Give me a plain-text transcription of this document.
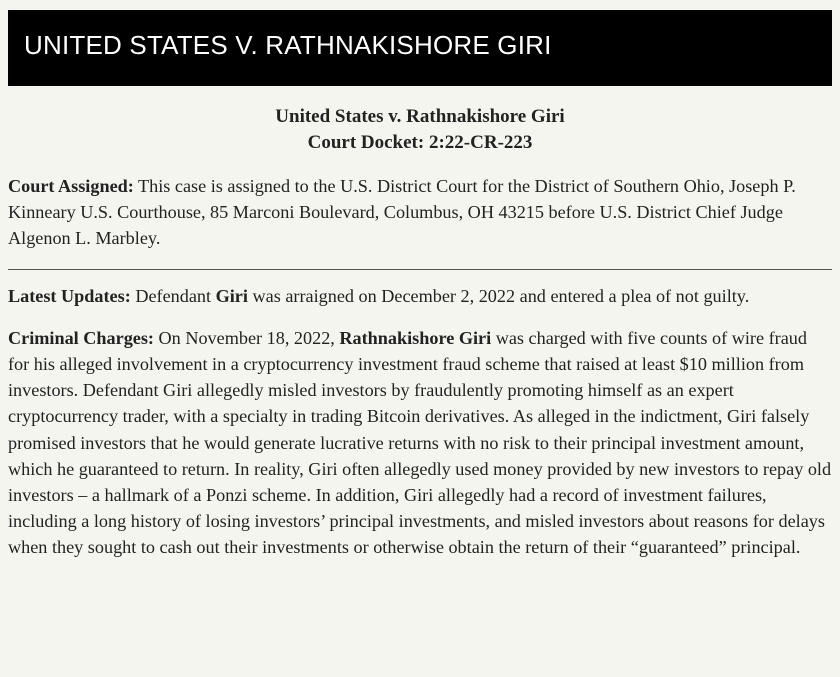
UNITED STATES V. RATHNAKISHORE GIRI
United States v. Rathnakishore Giri
Court Docket: 2:22-CR-223

Court Assigned: This case is assigned to the U.S. District Court for the District of Southern Ohio, Joseph P. Kinneary U.S. Courthouse, 85 Marconi Boulevard, Columbus, OH 43215 before U.S. District Chief Judge Algenon L. Marbley.

Latest Updates: Defendant Giri was arraigned on December 2, 2022 and entered a plea of not guilty.

Criminal Charges: On November 18, 2022, Rathnakishore Giri was charged with five counts of wire fraud for his alleged involvement in a cryptocurrency investment fraud scheme that raised at least $10 million from investors. Defendant Giri allegedly misled investors by fraudulently promoting himself as an expert cryptocurrency trader, with a specialty in trading Bitcoin derivatives. As alleged in the indictment, Giri falsely promised investors that he would generate lucrative returns with no risk to their principal investment amount, which he guaranteed to return. In reality, Giri often allegedly used money provided by new investors to repay old investors – a hallmark of a Ponzi scheme. In addition, Giri allegedly had a record of investment failures, including a long history of losing investors’ principal investments, and misled investors about reasons for delays when they sought to cash out their investments or otherwise obtain the return of their “guaranteed” principal.
